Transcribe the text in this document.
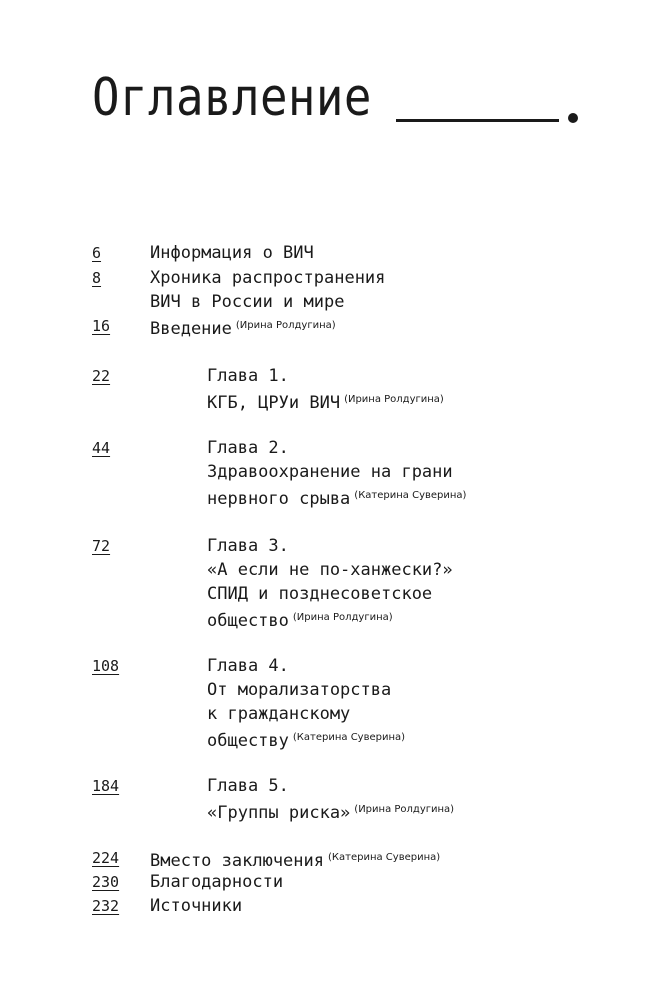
Оглавление
6	Информация о ВИЧ
8	Хроника распространения
ВИЧ в России и мире
16 Введение $^{(Ирина Ролдугина)}$
22	Глава 1.
КГБ, ЦРУи ВИЧ $^{(Ирина Ролдугина)}$
44	Глава 2.
Здравоохранение на грани
нервного срыва $^{(Катерина Суверина)}$
72	Глава 3.
«А если не по-ханжески?»
СПИД и позднесоветское
общество $^{(Ирина Ролдугина)}$
108	Глава 4.
От морализаторства
к гражданскому
обществу $^{(Катерина Суверина)}$
184	Глава 5.
«Группы риска» $^{(Ирина Ролдугина)}$
224 Вместо заключения $^{(Катерина Суверина)}$
230 Благодарности
232 Источники
